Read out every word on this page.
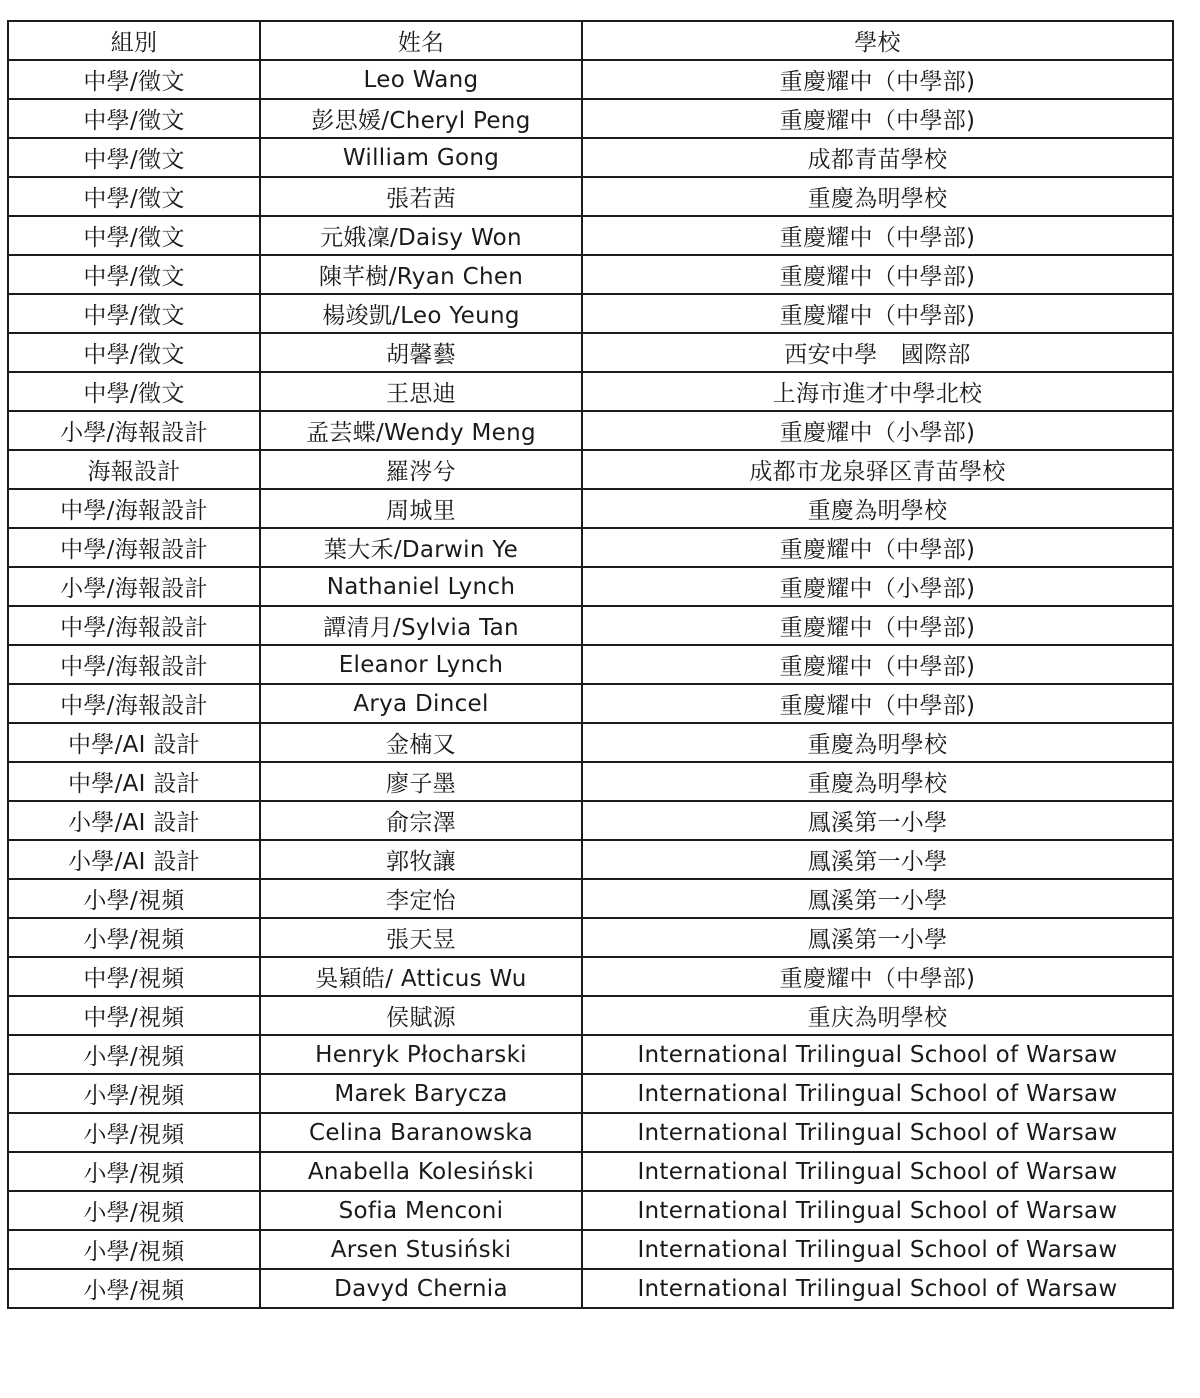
組別	姓名	學校
中學/徵文	Leo Wang	重慶耀中（中學部)
中學/徵文	彭思媛/Cheryl Peng	重慶耀中（中學部)
中學/徵文	William Gong	成都青苗學校
中學/徵文	張若茜	重慶為明學校
中學/徵文	元娥凜/Daisy Won	重慶耀中（中學部)
中學/徵文	陳芊樹/Ryan Chen	重慶耀中（中學部)
中學/徵文	楊竣凱/Leo Yeung	重慶耀中（中學部)
中學/徵文	胡馨藝	西安中學　國際部
中學/徵文	王思迪	上海市進才中學北校
小學/海報設計	孟芸蝶/Wendy Meng	重慶耀中（小學部)
海報設計	羅涔兮	成都市龙泉驿区青苗學校
中學/海報設計	周城里	重慶為明學校
中學/海報設計	葉大禾/Darwin Ye	重慶耀中（中學部)
小學/海報設計	Nathaniel Lynch	重慶耀中（小學部)
中學/海報設計	譚清月/Sylvia Tan	重慶耀中（中學部)
中學/海報設計	Eleanor Lynch	重慶耀中（中學部)
中學/海報設計	Arya Dincel	重慶耀中（中學部)
中學/AI 設計	金楠又	重慶為明學校
中學/AI 設計	廖子墨	重慶為明學校
小學/AI 設計	俞宗澤	鳳溪第一小學
小學/AI 設計	郭牧讓	鳳溪第一小學
小學/視頻	李定怡	鳳溪第一小學
小學/視頻	張天昱	鳳溪第一小學
中學/視頻	吳穎皓/ Atticus Wu	重慶耀中（中學部)
中學/視頻	侯賦源	重庆為明學校
小學/視頻	Henryk Płocharski	International Trilingual School of Warsaw
小學/視頻	Marek Barycza	International Trilingual School of Warsaw
小學/視頻	Celina Baranowska	International Trilingual School of Warsaw
小學/視頻	Anabella Kolesiński	International Trilingual School of Warsaw
小學/視頻	Sofia Menconi	International Trilingual School of Warsaw
小學/視頻	Arsen Stusiński	International Trilingual School of Warsaw
小學/視頻	Davyd Chernia	International Trilingual School of Warsaw
